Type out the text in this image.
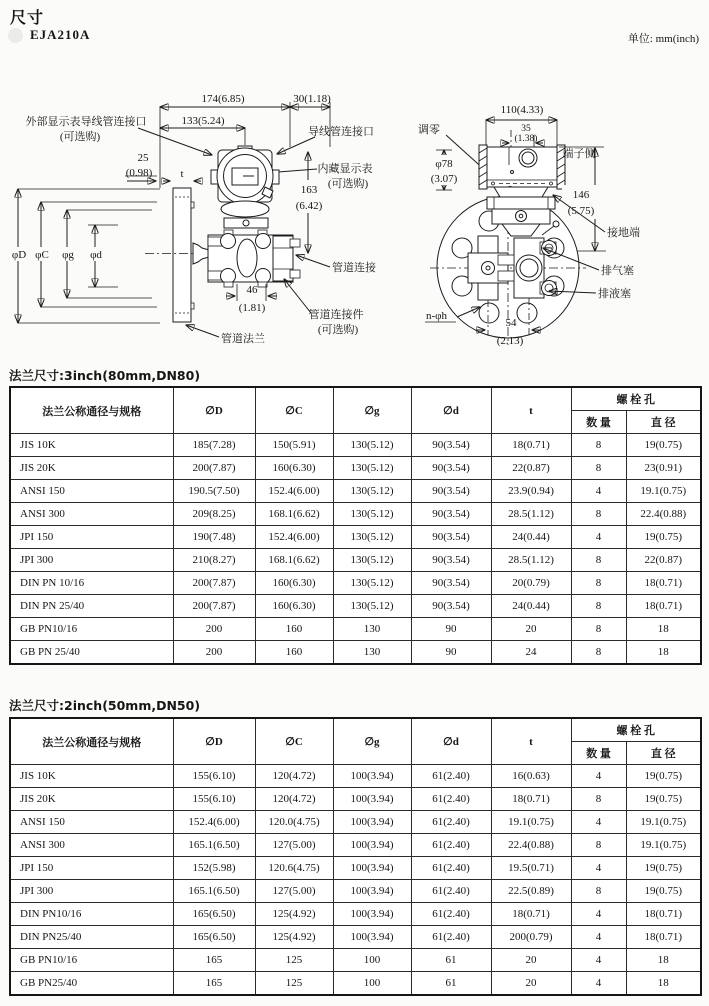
尺寸
EJA210A	单位: mm(inch)
174(6.85)	30(1.18)
133(5.24)
外部显示表导线管连接口
(可选购)	导线管连接口
内藏显示表
(可选购)
25
(0.98)	t
163
(6.42)
φD φC φg φd
46
(1.81)
管道连接
管道连接件
(可选购)
管道法兰
110(4.33)
35
(1.38)
调零
φ78
(3.07)
端子侧
146
(5.75)
54
(2.13)
接地端
排气塞
排液塞
n-φh
法兰尺寸:3inch(80mm,DN80)
法兰公称通径与规格	∅D	∅C	∅g	∅d	t	螺 栓 孔	
						数 量	直 径
JIS 10K	185(7.28)	150(5.91)	130(5.12)	90(3.54)	18(0.71)	8	19(0.75)
JIS 20K	200(7.87)	160(6.30)	130(5.12)	90(3.54)	22(0.87)	8	23(0.91)
ANSI 150	190.5(7.50)	152.4(6.00)	130(5.12)	90(3.54)	23.9(0.94)	4	19.1(0.75)
ANSI 300	209(8.25)	168.1(6.62)	130(5.12)	90(3.54)	28.5(1.12)	8	22.4(0.88)
JPI 150	190(7.48)	152.4(6.00)	130(5.12)	90(3.54)	24(0.44)	4	19(0.75)
JPI 300	210(8.27)	168.1(6.62)	130(5.12)	90(3.54)	28.5(1.12)	8	22(0.87)
DIN PN 10/16	200(7.87)	160(6.30)	130(5.12)	90(3.54)	20(0.79)	8	18(0.71)
DIN PN 25/40	200(7.87)	160(6.30)	130(5.12)	90(3.54)	24(0.44)	8	18(0.71)
GB PN10/16	200	160	130	90	20	8	18
GB PN 25/40	200	160	130	90	24	8	18
法兰尺寸:2inch(50mm,DN50)
法兰公称通径与规格	∅D	∅C	∅g	∅d	t	螺 栓 孔	
						数 量	直 径
JIS 10K	155(6.10)	120(4.72)	100(3.94)	61(2.40)	16(0.63)	4	19(0.75)
JIS 20K	155(6.10)	120(4.72)	100(3.94)	61(2.40)	18(0.71)	8	19(0.75)
ANSI 150	152.4(6.00)	120.0(4.75)	100(3.94)	61(2.40)	19.1(0.75)	4	19.1(0.75)
ANSI 300	165.1(6.50)	127(5.00)	100(3.94)	61(2.40)	22.4(0.88)	8	19.1(0.75)
JPI 150	152(5.98)	120.6(4.75)	100(3.94)	61(2.40)	19.5(0.71)	4	19(0.75)
JPI 300	165.1(6.50)	127(5.00)	100(3.94)	61(2.40)	22.5(0.89)	8	19(0.75)
DIN PN10/16	165(6.50)	125(4.92)	100(3.94)	61(2.40)	18(0.71)	4	18(0.71)
DIN PN25/40	165(6.50)	125(4.92)	100(3.94)	61(2.40)	200(0.79)	4	18(0.71)
GB PN10/16	165	125	100	61	20	4	18
GB PN25/40	165	125	100	61	20	4	18
